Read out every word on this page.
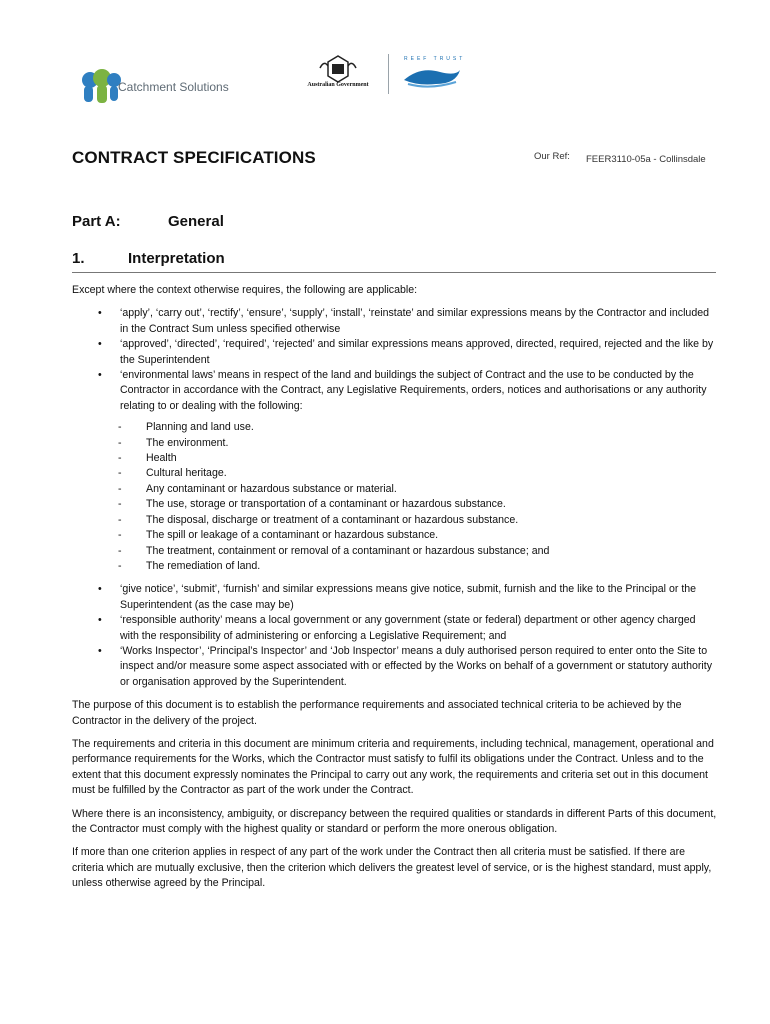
Catchment Solutions	Australian Government
REEF TRUST
CONTRACT SPECIFICATIONS	Our Ref: FEER3110-05a - Collinsdale
Part A:	General
1.	Interpretation

Except where the context otherwise requires, the following are applicable:

• ‘apply’, ‘carry out’, ‘rectify’, ‘ensure’, ‘supply’, ‘install’, ‘reinstate’ and similar expressions means by the Contractor and included in the Contract Sum unless specified otherwise
• ‘approved’, ‘directed’, ‘required’, ‘rejected’ and similar expressions means approved, directed, required, rejected and the like by the Superintendent
• ‘environmental laws’ means in respect of the land and buildings the subject of Contract and the use to be conducted by the Contractor in accordance with the Contract, any Legislative Requirements, orders, notices and authorisations or any authority relating to or dealing with the following:
- Planning and land use.
- The environment.
- Health
- Cultural heritage.
- Any contaminant or hazardous substance or material.
- The use, storage or transportation of a contaminant or hazardous substance.
- The disposal, discharge or treatment of a contaminant or hazardous substance.
- The spill or leakage of a contaminant or hazardous substance.
- The treatment, containment or removal of a contaminant or hazardous substance; and
- The remediation of land.
• ‘give notice’, ‘submit’, ‘furnish’ and similar expressions means give notice, submit, furnish and the like to the Principal or the Superintendent (as the case may be)
• ‘responsible authority’ means a local government or any government (state or federal) department or other agency charged with the responsibility of administering or enforcing a Legislative Requirement; and
• ‘Works Inspector’, ‘Principal’s Inspector’ and ‘Job Inspector’ means a duly authorised person required to enter onto the Site to inspect and/or measure some aspect associated with or effected by the Works on behalf of a government or statutory authority or organisation approved by the Superintendent.

The purpose of this document is to establish the performance requirements and associated technical criteria to be achieved by the Contractor in the delivery of the project.

The requirements and criteria in this document are minimum criteria and requirements, including technical, management, operational and performance requirements for the Works, which the Contractor must satisfy to fulfil its obligations under the Contract. Unless and to the extent that this document expressly nominates the Principal to carry out any work, the requirements and criteria set out in this document must be fulfilled by the Contractor as part of the work under the Contract.

Where there is an inconsistency, ambiguity, or discrepancy between the required qualities or standards in different Parts of this document, the Contractor must comply with the highest quality or standard or perform the more onerous obligation.

If more than one criterion applies in respect of any part of the work under the Contract then all criteria must be satisfied. If there are criteria which are mutually exclusive, then the criterion which delivers the greatest level of service, or is the highest standard, must apply, unless otherwise agreed by the Principal.
